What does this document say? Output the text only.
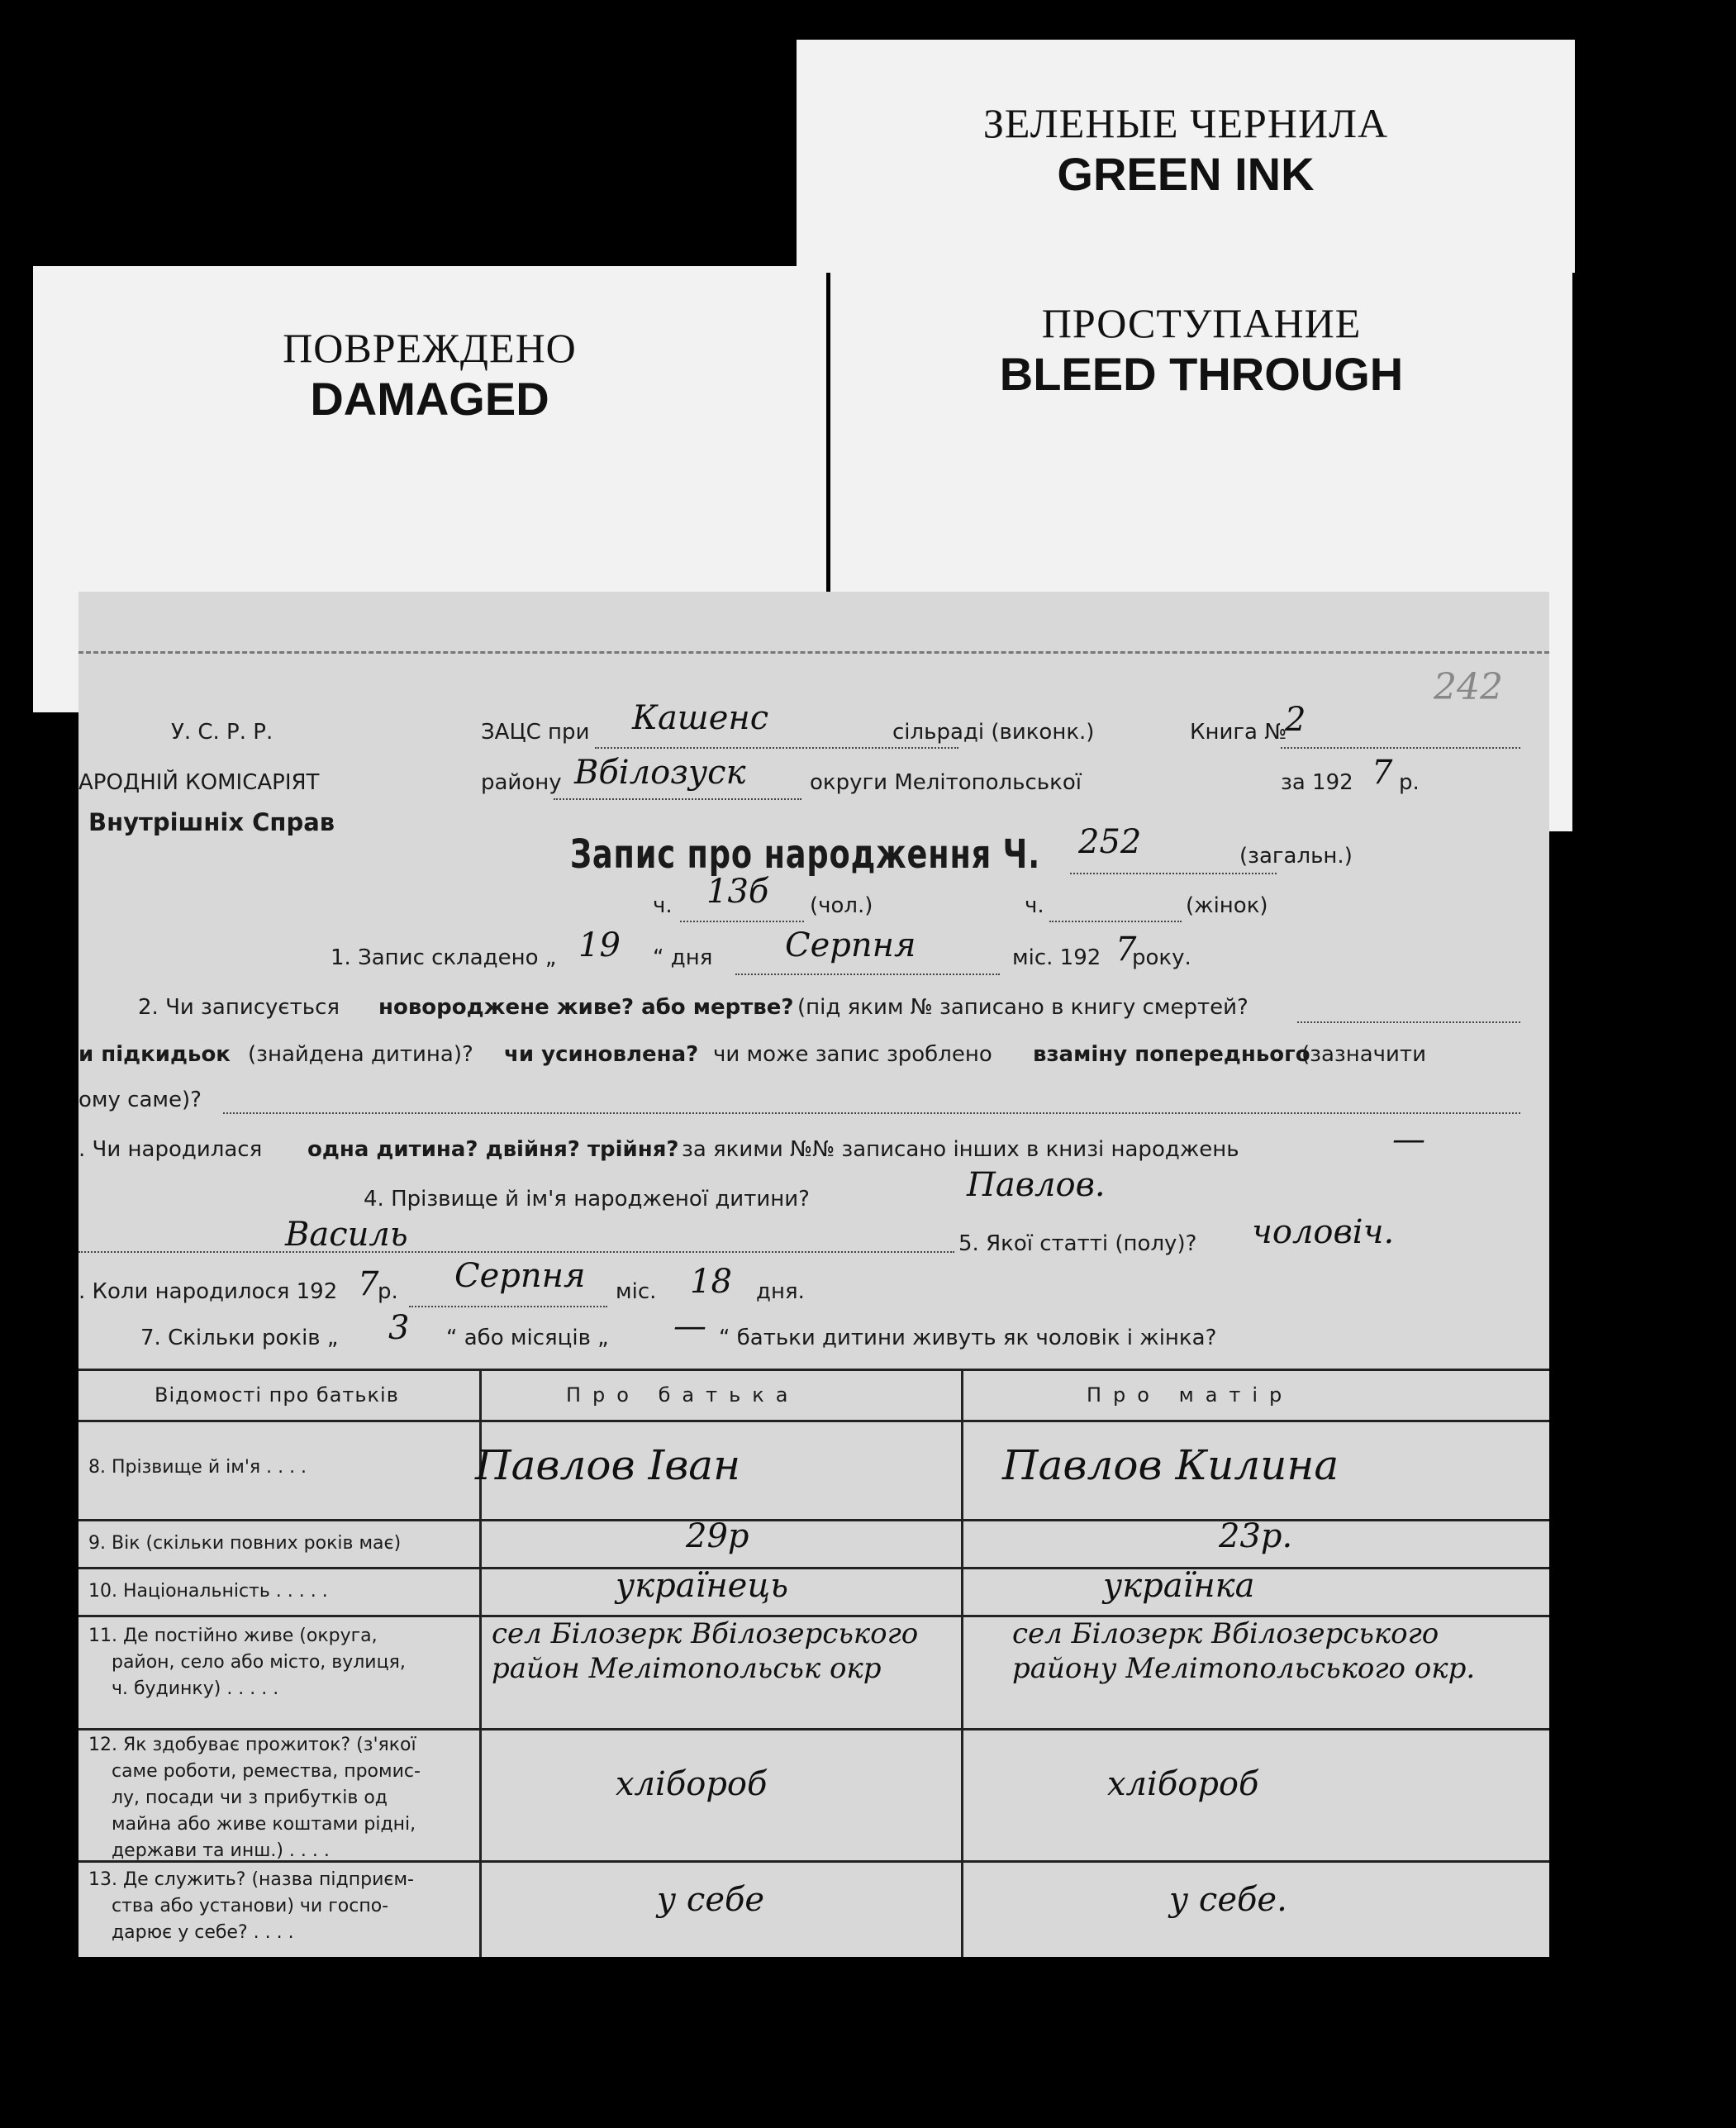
ЗЕЛЕНЫЕ ЧЕРНИЛА
GREEN INK
ПОВРЕЖДЕНО
DAMAGED
ПРОСТУПАНИЕ
BLEED THROUGH
242
У. С. Р. Р.
АРОДНІЙ КОМІСАРІЯТ
Внутрішніх Справ
ЗАЦС при Кашенс	сільраді (виконк.)	Книга №
2
району Вбілозуск	округи Мелітопольської	за 192 7 р.
Запис про народження Ч. 252	(загальн.)
ч. 13б (чол.)	ч.	(жінок)
1. Запис складено „ 19 “ дня Серпня	міс. 192 7
року.
2. Чи записується новороджене живе? або мертве? (під яким № записано в книгу смертей?
и підкидьок (знайдена дитина)? чи усиновлена? чи може запис зроблено взаміну попереднього
(зазначити
ому саме)?
. Чи народилася одна дитина? двійня? трійня? за якими №№ записано інших в книзі народжень	—
4. Прізвище й ім'я народженої дитини?	Павлов.
Василь	5. Якої статті (полу)? чоловіч.
. Коли народилося 192 7
р. Серпня міс. 18 дня.
7. Скільки років „ 3 “ або місяців „ — “ батьки дитини живуть як чоловік і жінка?
Відомості про батьків	Про батька	Про матір
8. Прізвище й ім'я . . . .	Павлов Іван	Павлов Килина
9. Вік (скільки повних років має)	29р	23р.
10. Національність . . . . .	українець	українка
11. Де постійно живе (округа,
район, село або місто, вулиця,
ч. будинку) . . . . .
сел Білозерк Вбілозерського район Мелітопольськ окр
сел Білозерк Вбілозерського району Мелітопольського окр.
12. Як здобуває прожиток? (з'якої
саме роботи, ремества, промис-
лу, посади чи з прибутків од
майна або живе коштами рідні,
держави та инш.) . . . .
хлібороб	хлібороб
13. Де служить? (назва підприєм-
ства або установи) чи госпо-
дарює у себе? . . . .
у себе	у себе.
